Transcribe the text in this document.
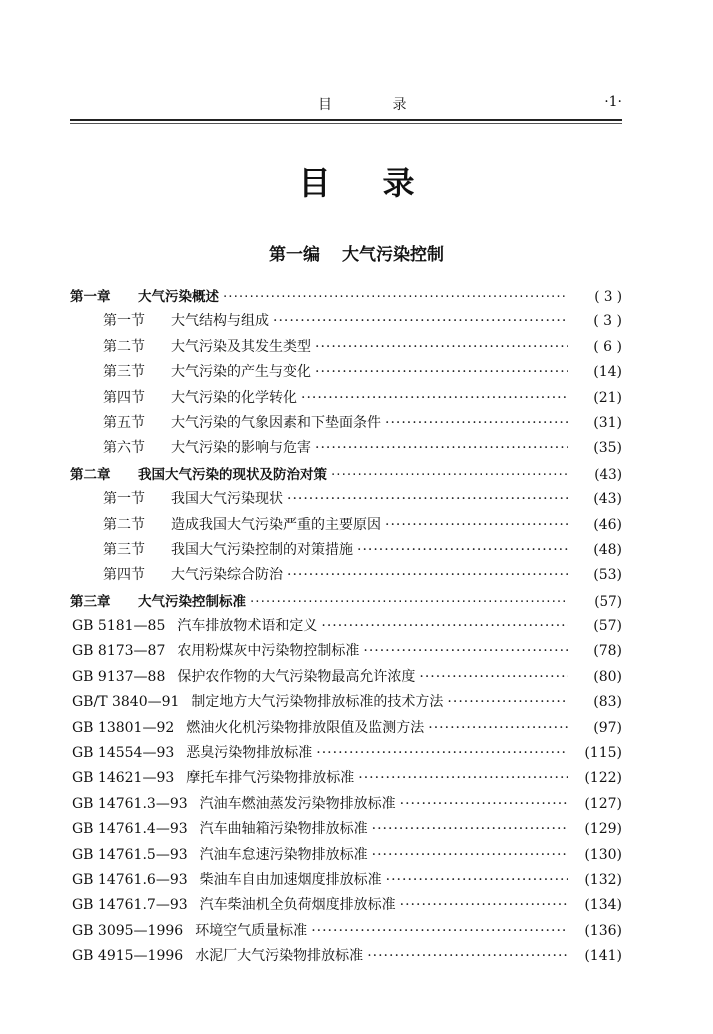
目 录	·1·
目录
第一编 大气污染控制
第一章	大气污染概述 ·····	( 3 )
第一节	大气结构与组成 ·····	( 3 )
第二节	大气污染及其发生类型 ·····	( 6 )
第三节	大气污染的产生与变化 ·····	(14)
第四节	大气污染的化学转化 ·····	(21)
第五节	大气污染的气象因素和下垫面条件 ·····	(31)
第六节	大气污染的影响与危害 ·····	(35)
第二章	我国大气污染的现状及防治对策 ·····	(43)
第一节	我国大气污染现状 ·····	(43)
第二节	造成我国大气污染严重的主要原因 ·····	(46)
第三节	我国大气污染控制的对策措施 ·····	(48)
第四节	大气污染综合防治 ·····	(53)
第三章	大气污染控制标准 ·····	(57)
GB 5181—85 汽车排放物术语和定义 ·····	(57)
GB 8173—87 农用粉煤灰中污染物控制标准 ·····	(78)
GB 9137—88 保护农作物的大气污染物最高允许浓度 ·····	(80)
GB/T 3840—91 制定地方大气污染物排放标准的技术方法 ·····	(83)
GB 13801—92 燃油火化机污染物排放限值及监测方法 ·····	(97)
GB 14554—93 恶臭污染物排放标准 ·····	(115)
GB 14621—93 摩托车排气污染物排放标准 ·····	(122)
GB 14761.3—93 汽油车燃油蒸发污染物排放标准 ·····	(127)
GB 14761.4—93 汽车曲轴箱污染物排放标准 ·····	(129)
GB 14761.5—93 汽油车怠速污染物排放标准 ·····	(130)
GB 14761.6—93 柴油车自由加速烟度排放标准 ·····	(132)
GB 14761.7—93 汽车柴油机全负荷烟度排放标准 ·····	(134)
GB 3095—1996 环境空气质量标准 ·····	(136)
GB 4915—1996 水泥厂大气污染物排放标准 ·····	(141)
